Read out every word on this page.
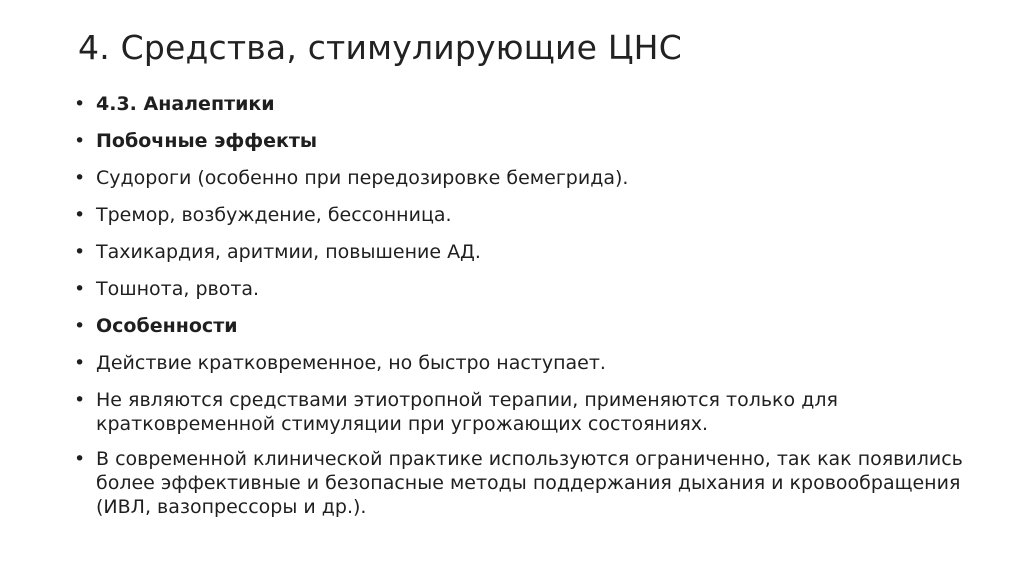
4. Средства, стимулирующие ЦНС
• 4.3. Аналептики
• Побочные эффекты
• Судороги (особенно при передозировке бемегрида).
• Тремор, возбуждение, бессонница.
• Тахикардия, аритмии, повышение АД.
• Тошнота, рвота.
• Особенности
• Действие кратковременное, но быстро наступает.
• Не являются средствами этиотропной терапии, применяются только для кратковременной стимуляции при угрожающих состояниях.
• В современной клинической практике используются ограниченно, так как появились более эффективные и безопасные методы поддержания дыхания и кровообращения (ИВЛ, вазопрессоры и др.).
